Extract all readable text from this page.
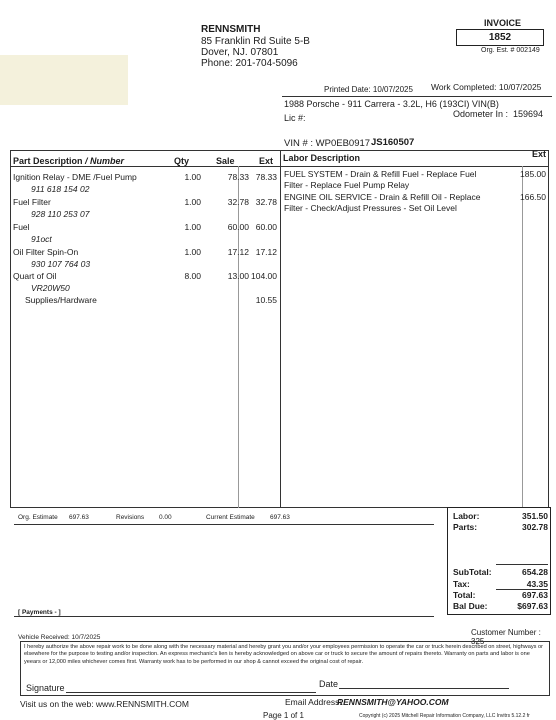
RENNSMITH
85 Franklin Rd Suite 5-B
Dover, NJ. 07801
Phone: 201-704-5096
INVOICE
1852
Org. Est. # 002149
Printed Date: 10/07/2025 Work Completed: 10/07/2025
1988 Porsche - 911 Carrera - 3.2L, H6 (193CI) VIN(B)
Lic #:	Odometer In : 159694
VIN # : WP0EB0917 JS160507
Part Description / Number	Qty	Sale	Ext
Ignition Relay - DME /Fuel Pump
911 618 154 02
1.00	78.33 78.33
Fuel Filter
928 110 253 07
1.00	32.78 32.78
Fuel
91oct
1.00	60.00 60.00
Oil Filter Spin-On
930 107 764 03
1.00	17.12 17.12
Quart of Oil
VR20W50
8.00	13.00 104.00
Supplies/Hardware	10.55
Labor Description	Ext
FUEL SYSTEM - Drain & Refill Fuel - Replace Fuel
Filter - Replace Fuel Pump Relay
185.00
ENGINE OIL SERVICE - Drain & Refill Oil - Replace
Filter - Check/Adjust Pressures - Set Oil Level
166.50
Org. Estimate 697.63	Revisions 0.00	Current Estimate 697.63	Labor:	351.50
Parts:	302.78
SubTotal:	654.28
Tax:	43.35
Total:	697.63
Bal Due:	$697.63
[ Payments - ]
Vehicle Received: 10/7/2025
Customer Number : 325
I hereby authorize the above repair work to be done along with the necessary material and hereby grant you and/or your employees permission to operate the car or truck herein described on street, highways or elsewhere for the purpose to testing and/or inspection. An express mechanic's lien is hereby acknowledged on above car or truck to secure the amount of repairs thereto. Warranty on parts and labor is one yeears or 12,000 miles whichever comes first. Warranty work has to be performed in our shop & cannot exceed the original cost of repair.
Signature	Date
Visit us on the web: www.RENNSMITH.COM	Email Address:
RENNSMITH@YAHOO.COM
Page 1 of 1	Copyright (c) 2025 Mitchell Repair Information Company, LLC Invitrs 5.12.2 fr
